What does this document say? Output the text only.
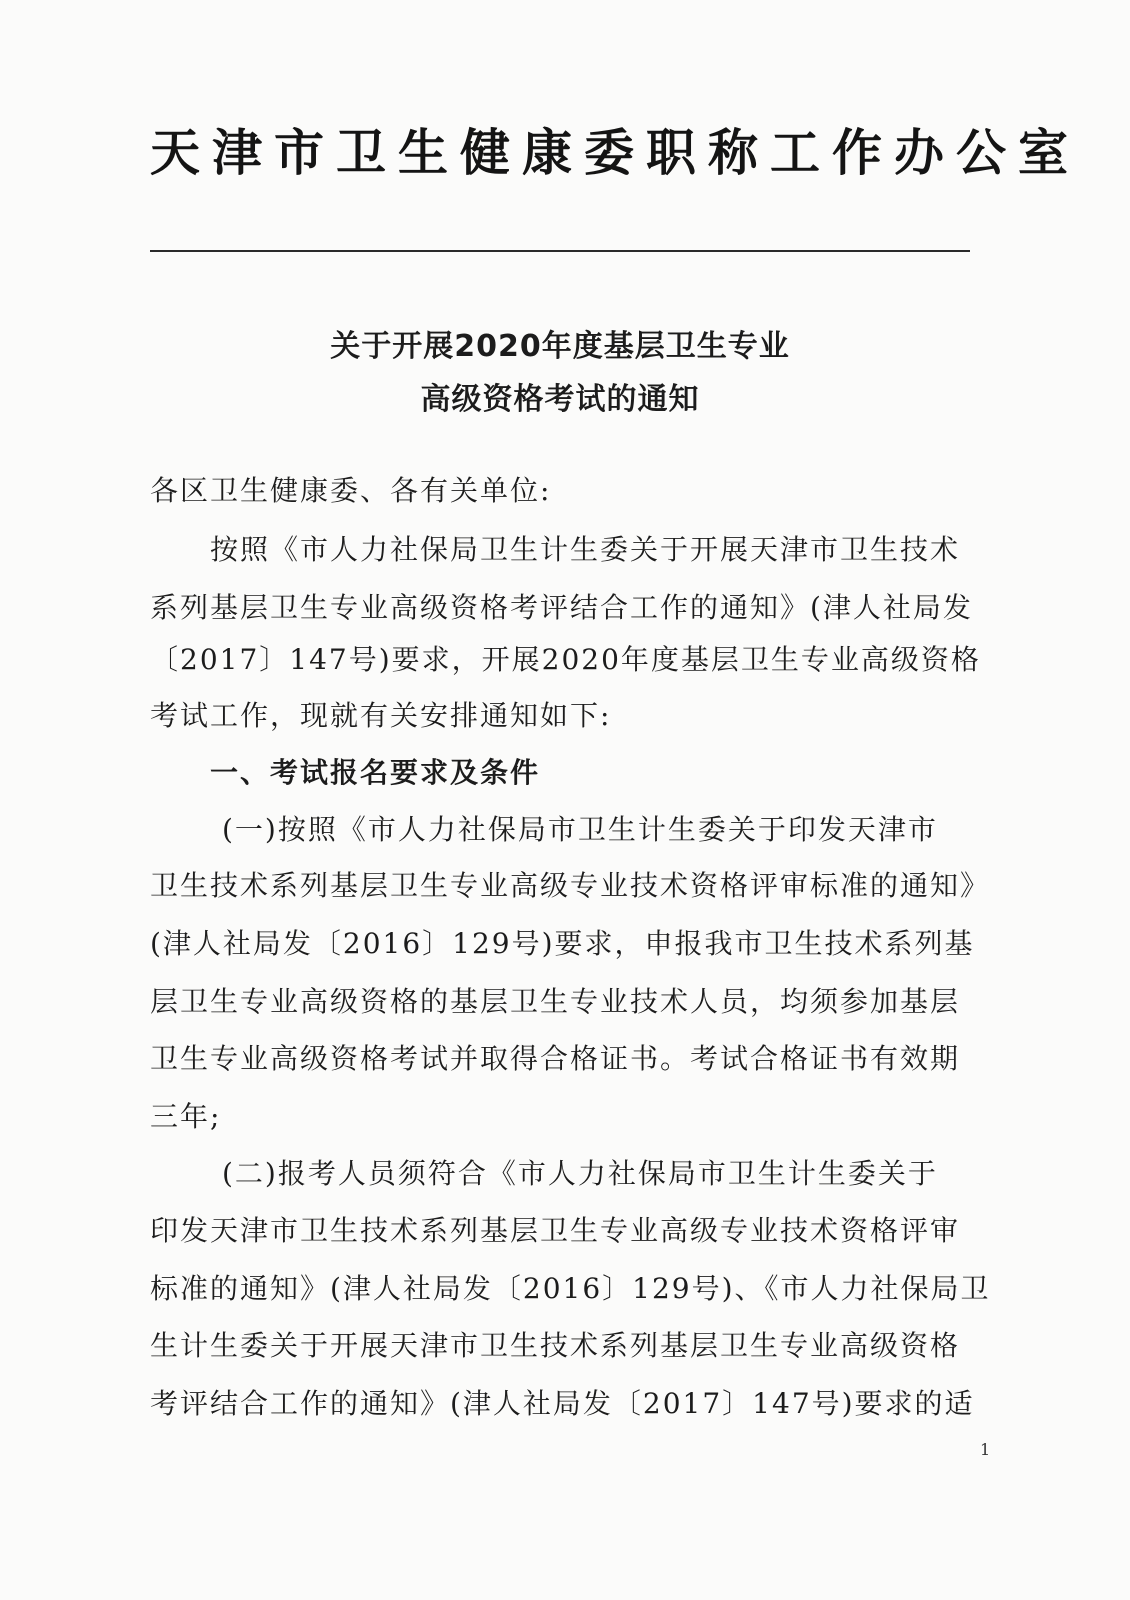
天津市卫生健康委职称工作办公室
关于开展2020年度基层卫生专业
高级资格考试的通知
各区卫生健康委、各有关单位:
按照《市人力社保局卫生计生委关于开展天津市卫生技术
系列基层卫生专业高级资格考评结合工作的通知》(津人社局发
〔2017〕147号)要求，开展2020年度基层卫生专业高级资格
考试工作，现就有关安排通知如下:
一、考试报名要求及条件
(一)按照《市人力社保局市卫生计生委关于印发天津市
卫生技术系列基层卫生专业高级专业技术资格评审标准的通知》
(津人社局发〔2016〕129号)要求，申报我市卫生技术系列基
层卫生专业高级资格的基层卫生专业技术人员，均须参加基层
卫生专业高级资格考试并取得合格证书。考试合格证书有效期
三年;
(二)报考人员须符合《市人力社保局市卫生计生委关于
印发天津市卫生技术系列基层卫生专业高级专业技术资格评审
标准的通知》(津人社局发〔2016〕129号)、《市人力社保局卫
生计生委关于开展天津市卫生技术系列基层卫生专业高级资格
考评结合工作的通知》(津人社局发〔2017〕147号)要求的适
1
